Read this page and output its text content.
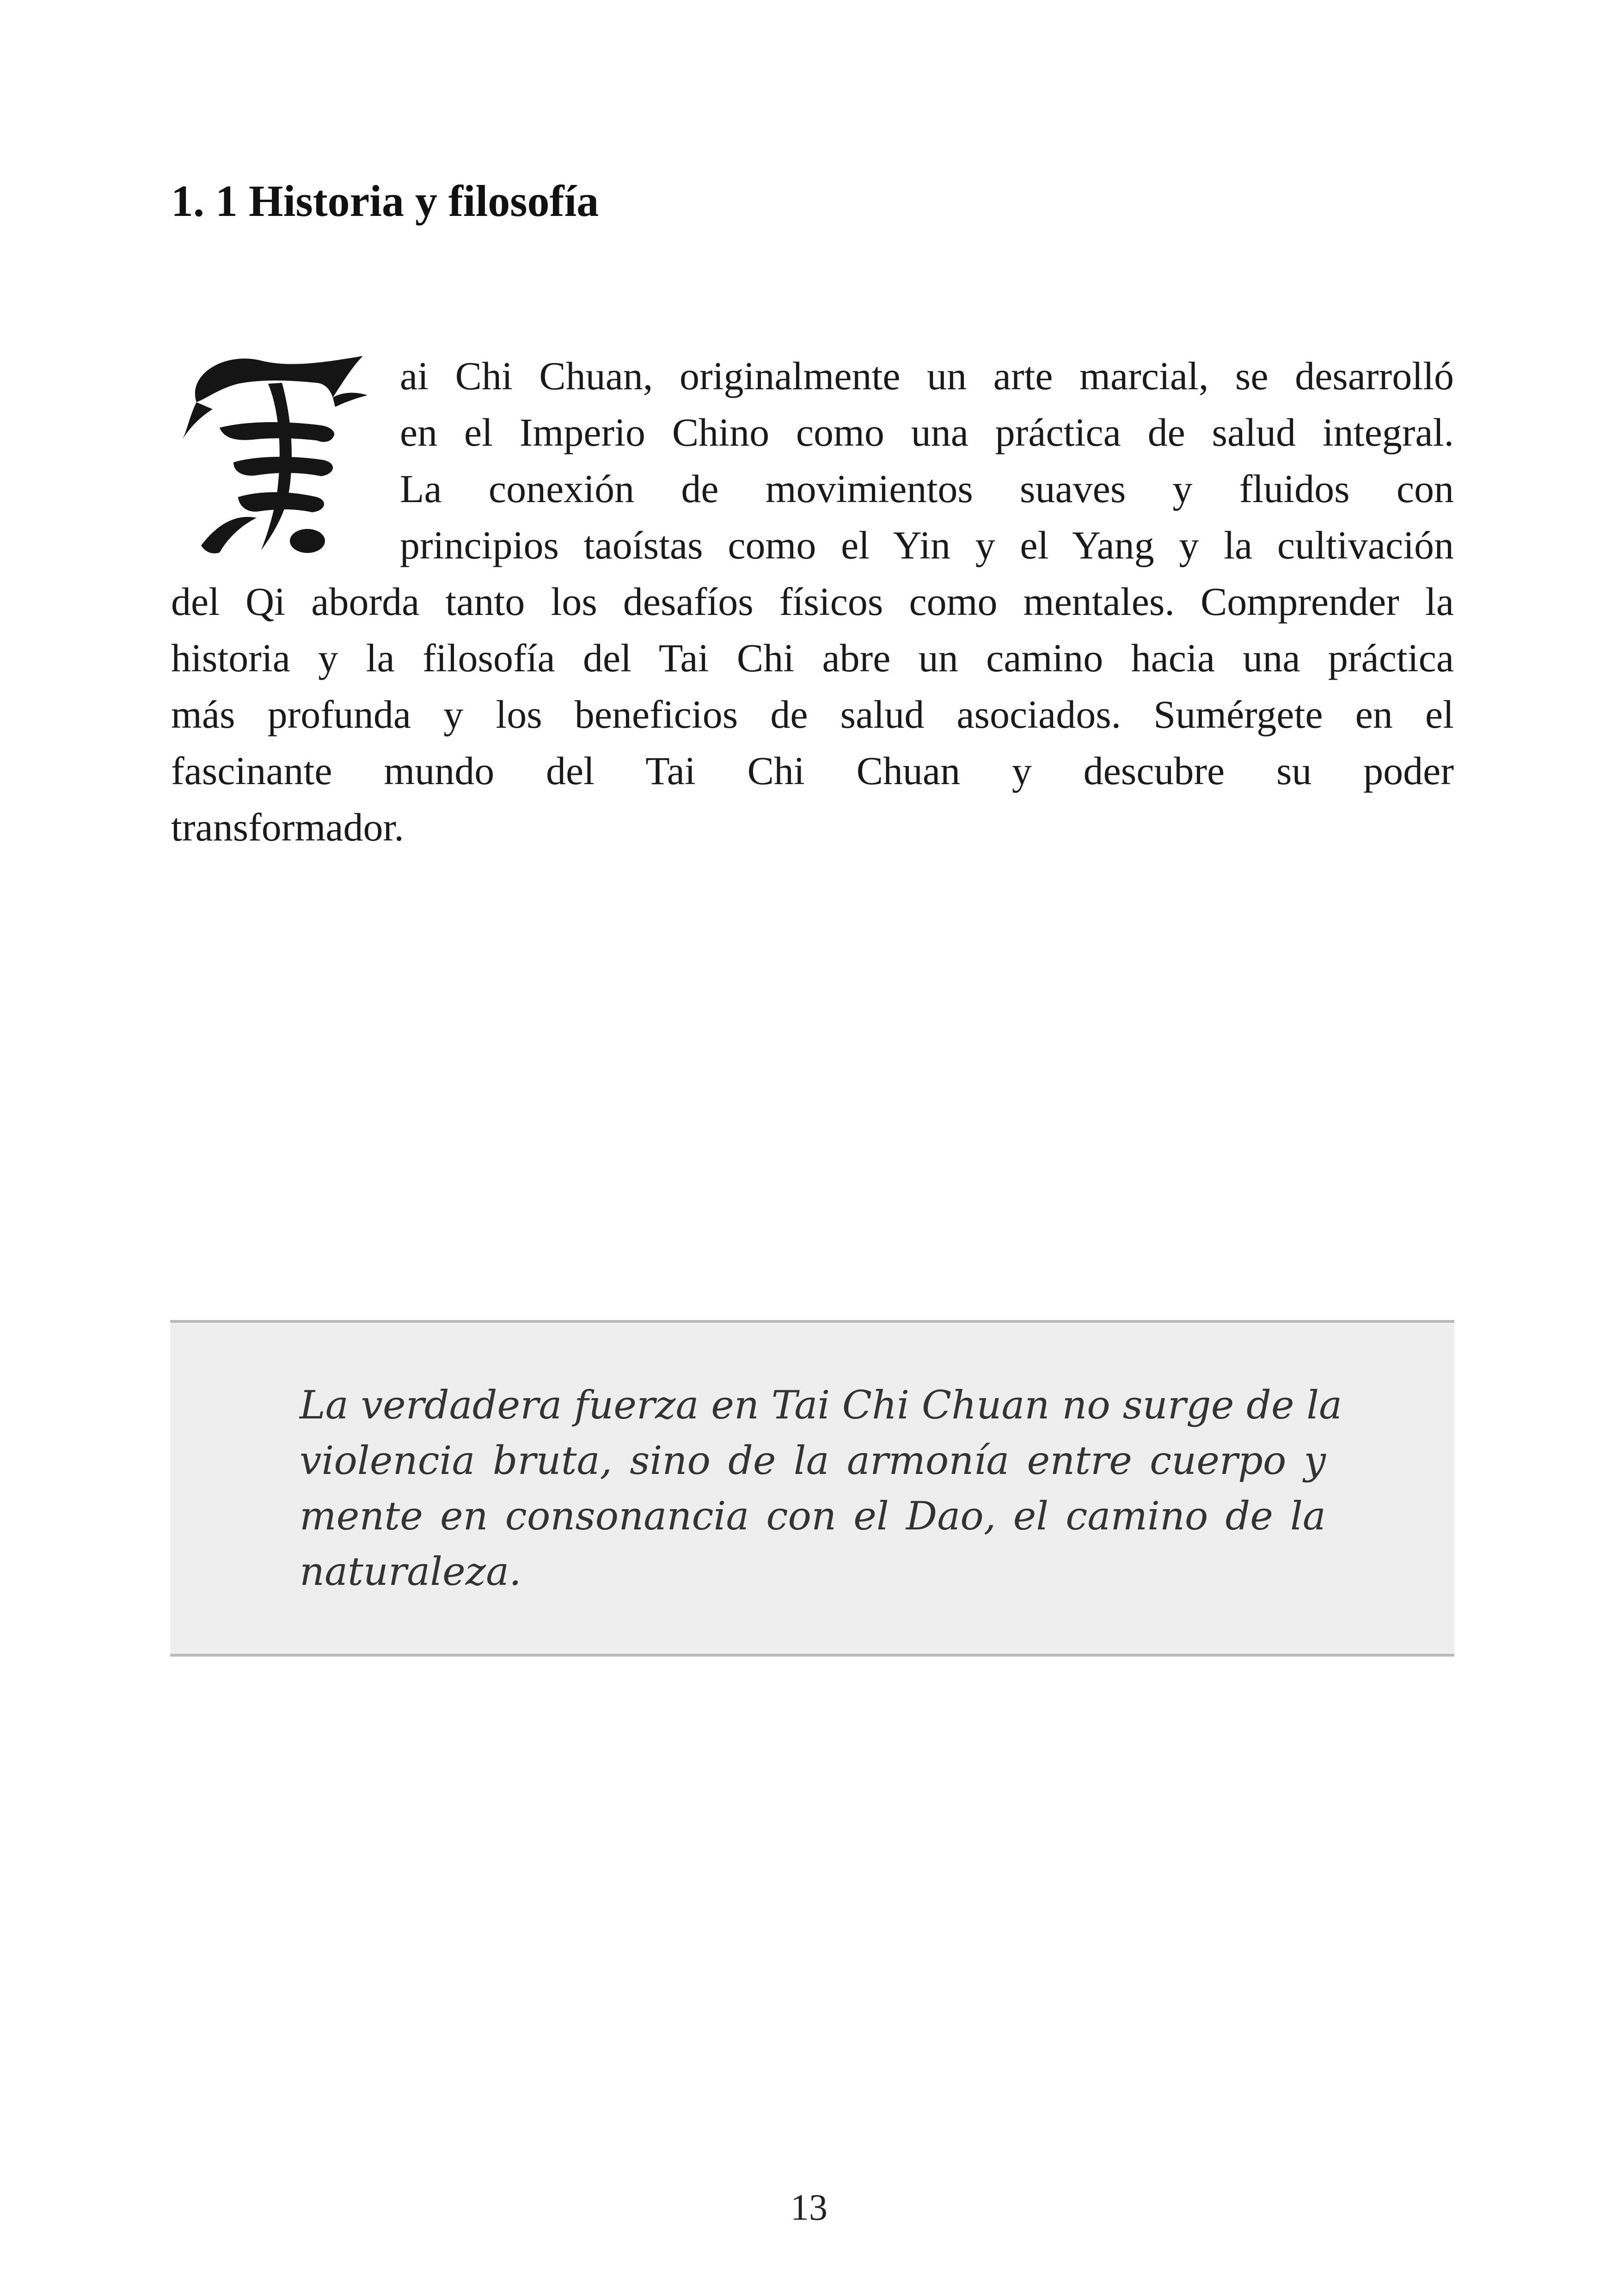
1. 1 Historia y filosofía
ai Chi Chuan, originalmente un arte marcial, se desarrolló
en el Imperio Chino como una práctica de salud integral.
La conexión de movimientos suaves y fluidos con
principios taoístas como el Yin y el Yang y la cultivación
del Qi aborda tanto los desafíos físicos como mentales. Comprender la
historia y la filosofía del Tai Chi abre un camino hacia una práctica
más profunda y los beneficios de salud asociados. Sumérgete en el
fascinante mundo del Tai Chi Chuan y descubre su poder
transformador.
La verdadera fuerza en Tai Chi Chuan no surge de la
violencia bruta, sino de la armonía entre cuerpo y
mente en consonancia con el Dao, el camino de la
naturaleza.
13
